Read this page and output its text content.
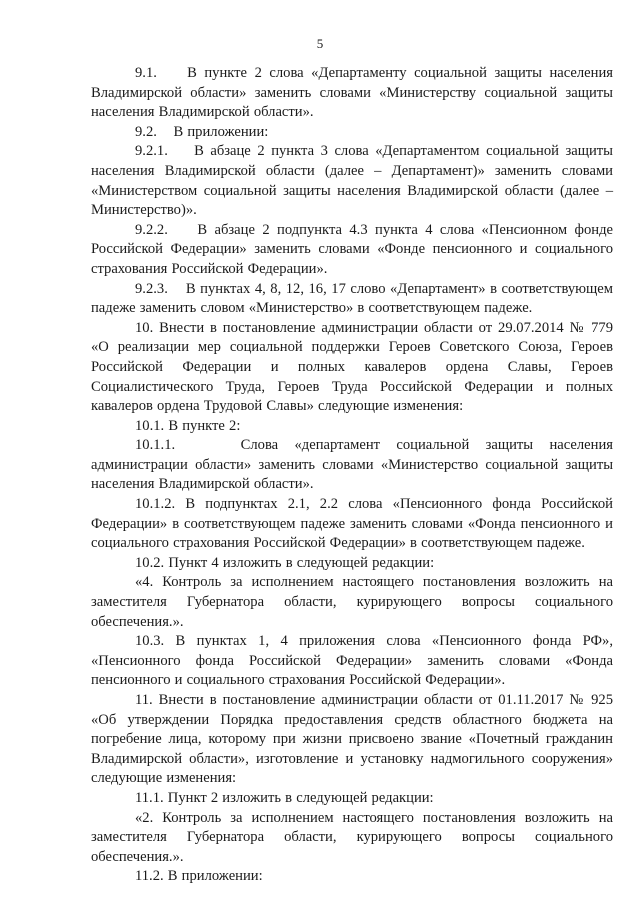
5

9.1.    В пункте 2 слова «Департаменту социальной защиты населения Владимирской области» заменить словами «Министерству социальной защиты населения Владимирской области».

9.2.    В приложении:

9.2.1.    В абзаце 2 пункта 3 слова «Департаментом социальной защиты населения Владимирской области (далее – Департамент)» заменить словами «Министерством социальной защиты населения Владимирской области (далее – Министерство)».

9.2.2.    В абзаце 2 подпункта 4.3 пункта 4 слова «Пенсионном фонде Российской Федерации» заменить словами «Фонде пенсионного и социального страхования Российской Федерации».

9.2.3.    В пунктах 4, 8, 12, 16, 17 слово «Департамент» в соответствующем падеже заменить словом «Министерство» в соответствующем падеже.

10. Внести в постановление администрации области от 29.07.2014 № 779 «О реализации мер социальной поддержки Героев Советского Союза, Героев Российской Федерации и полных кавалеров ордена Славы, Героев Социалистического Труда, Героев Труда Российской Федерации и полных кавалеров ордена Трудовой Славы» следующие изменения:

10.1. В пункте 2:

10.1.1.    Слова «департамент социальной защиты населения администрации области» заменить словами «Министерство социальной защиты населения Владимирской области».

10.1.2. В подпунктах 2.1, 2.2 слова «Пенсионного фонда Российской Федерации» в соответствующем падеже заменить словами «Фонда пенсионного и социального страхования Российской Федерации» в соответствующем падеже.

10.2. Пункт 4 изложить в следующей редакции:

«4. Контроль за исполнением настоящего постановления возложить на заместителя Губернатора области, курирующего вопросы социального обеспечения.».

10.3. В пунктах 1, 4 приложения слова «Пенсионного фонда РФ», «Пенсионного фонда Российской Федерации» заменить словами «Фонда пенсионного и социального страхования Российской Федерации».

11. Внести в постановление администрации области от 01.11.2017 № 925 «Об утверждении Порядка предоставления средств областного бюджета на погребение лица, которому при жизни присвоено звание «Почетный гражданин Владимирской области», изготовление и установку надмогильного сооружения» следующие изменения:

11.1. Пункт 2 изложить в следующей редакции:

«2. Контроль за исполнением настоящего постановления возложить на заместителя Губернатора области, курирующего вопросы социального обеспечения.».

11.2. В приложении:
